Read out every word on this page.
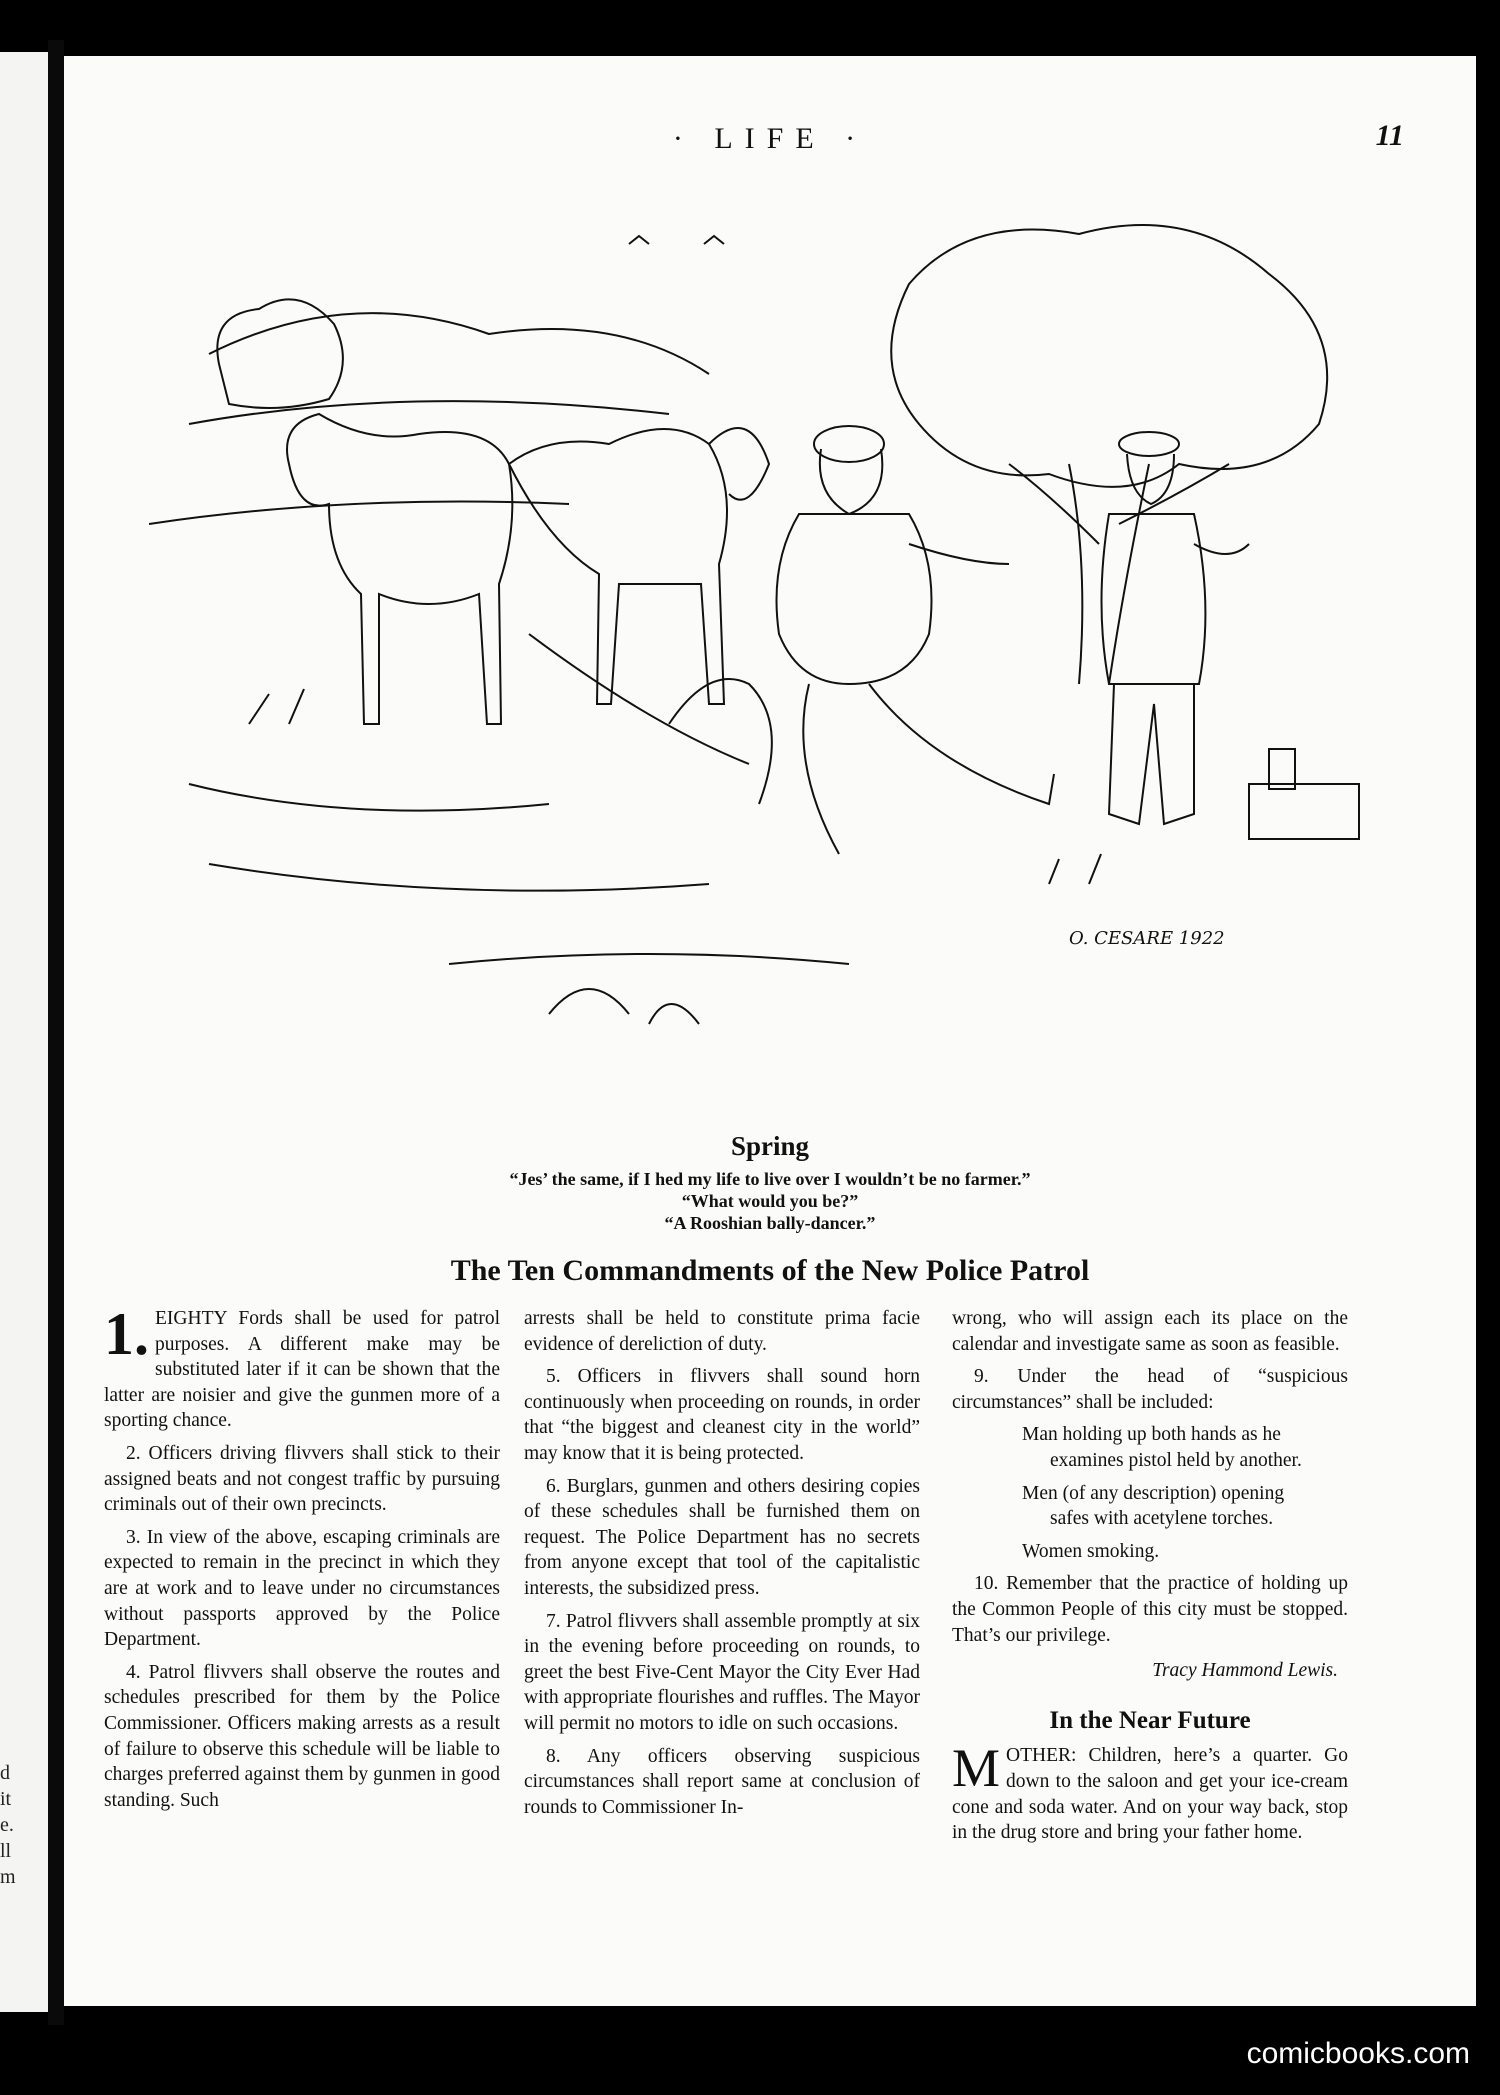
d
it
e.
ll
m
· LIFE ·	11
O. CESARE 1922
Spring
“Jes’ the same, if I hed my life to live over I wouldn’t be no farmer.”
“What would you be?”
“A Rooshian bally-dancer.”
The Ten Commandments of the New Police Patrol

1. EIGHTY Fords shall be used for patrol purposes. A different make may be substituted later if it can be shown that the latter are noisier and give the gunmen more of a sporting chance.

2. Officers driving flivvers shall stick to their assigned beats and not congest traffic by pursuing criminals out of their own precincts.

3. In view of the above, escaping criminals are expected to remain in the precinct in which they are at work and to leave under no circumstances without passports approved by the Police Department.

4. Patrol flivvers shall observe the routes and schedules prescribed for them by the Police Commissioner. Officers making arrests as a result of failure to observe this schedule will be liable to charges preferred against them by gunmen in good standing. Such

arrests shall be held to constitute prima facie evidence of dereliction of duty.

5. Officers in flivvers shall sound horn continuously when proceeding on rounds, in order that “the biggest and cleanest city in the world” may know that it is being protected.

6. Burglars, gunmen and others desiring copies of these schedules shall be furnished them on request. The Police Department has no secrets from anyone except that tool of the capitalistic interests, the subsidized press.

7. Patrol flivvers shall assemble promptly at six in the evening before proceeding on rounds, to greet the best Five-Cent Mayor the City Ever Had with appropriate flourishes and ruffles. The Mayor will permit no motors to idle on such occasions.

8. Any officers observing suspicious circumstances shall report same at conclusion of rounds to Commissioner In-

wrong, who will assign each its place on the calendar and investigate same as soon as feasible.

9. Under the head of “suspicious circumstances” shall be included:

Man holding up both hands as he
examines pistol held by another.

Men (of any description) opening
safes with acetylene torches.

Women smoking.

10. Remember that the practice of holding up the Common People of this city must be stopped. That’s our privilege.

Tracy Hammond Lewis.
In the Near Future

M OTHER: Children, here’s a quarter. Go down to the saloon and get your ice-cream cone and soda water. And on your way back, stop in the drug store and bring your father home.

comicbooks.com
